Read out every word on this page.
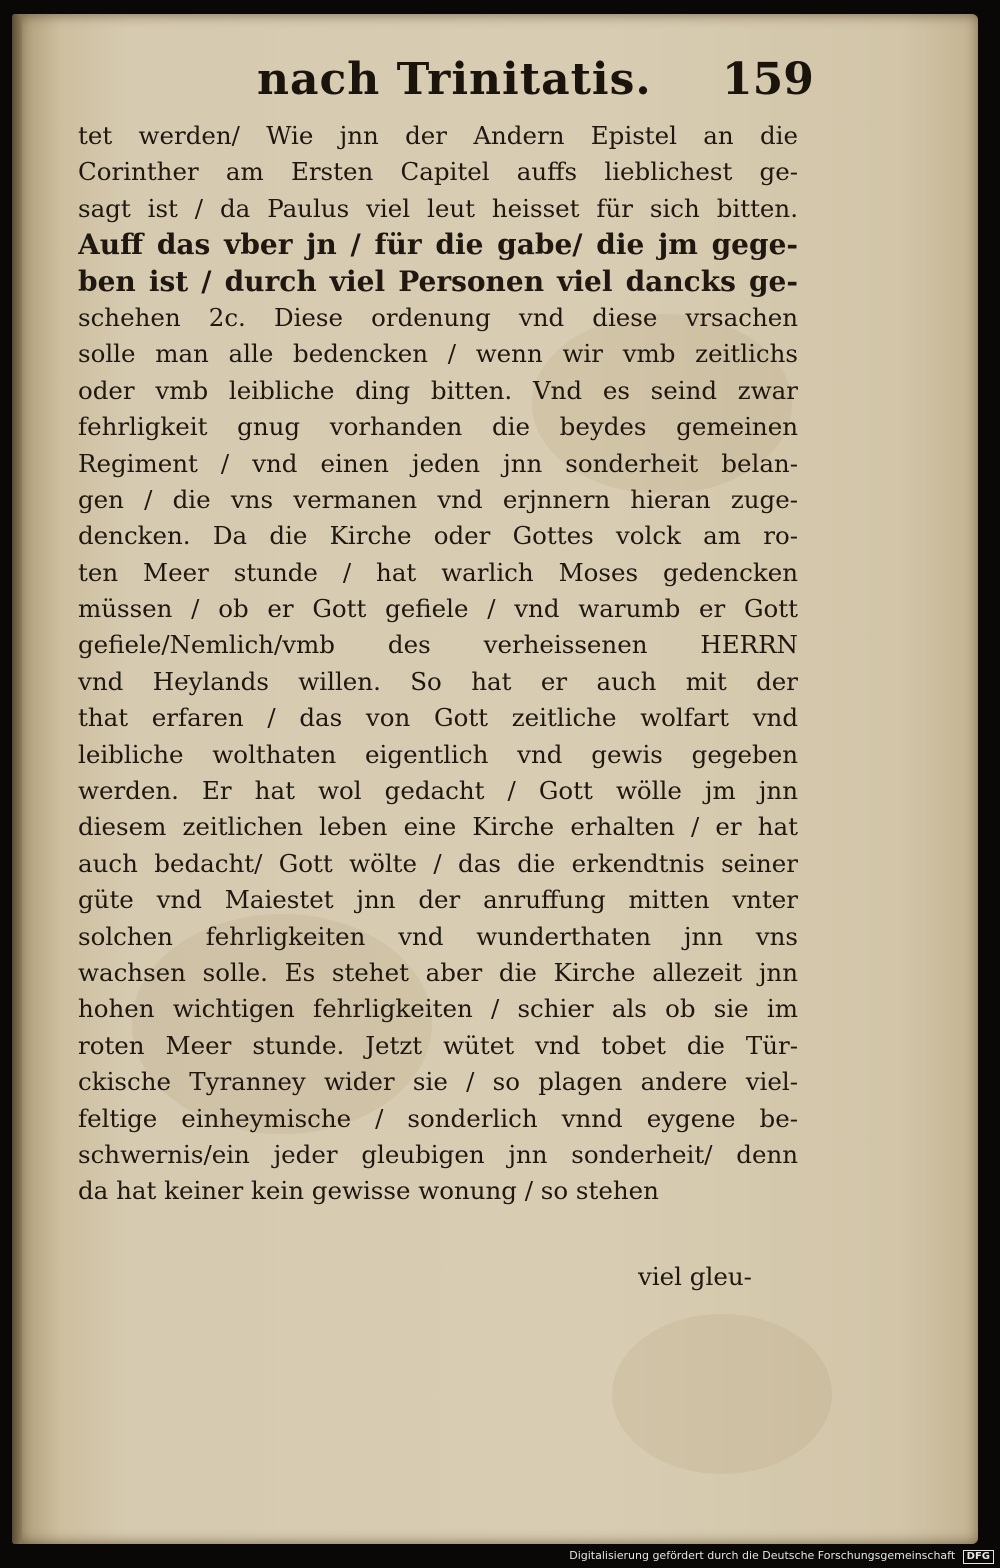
nach Trinitatis. 159
tet werden/ Wie jnn der Andern Epistel an die
Corinther am Ersten Capitel auffs lieblichest ge-
sagt ist / da Paulus viel leut heisset für sich bitten.
Auff das vber jn / für die gabe/ die jm gege-
ben ist / durch viel Personen viel dancks ge-
schehen 2c. Diese ordenung vnd diese vrsachen
solle man alle bedencken / wenn wir vmb zeitlichs
oder vmb leibliche ding bitten. Vnd es seind zwar
fehrligkeit gnug vorhanden die beydes gemeinen
Regiment / vnd einen jeden jnn sonderheit belan-
gen / die vns vermanen vnd erjnnern hieran zuge-
dencken. Da die Kirche oder Gottes volck am ro-
ten Meer stunde / hat warlich Moses gedencken
müssen / ob er Gott gefiele / vnd warumb er Gott
gefiele/Nemlich/vmb des verheissenen HERRN
vnd Heylands willen. So hat er auch mit der
that erfaren / das von Gott zeitliche wolfart vnd
leibliche wolthaten eigentlich vnd gewis gegeben
werden. Er hat wol gedacht / Gott wölle jm jnn
diesem zeitlichen leben eine Kirche erhalten / er hat
auch bedacht/ Gott wölte / das die erkendtnis seiner
güte vnd Maiestet jnn der anruffung mitten vnter
solchen fehrligkeiten vnd wunderthaten jnn vns
wachsen solle. Es stehet aber die Kirche allezeit jnn
hohen wichtigen fehrligkeiten / schier als ob sie im
roten Meer stunde. Jetzt wütet vnd tobet die Tür-
ckische Tyranney wider sie / so plagen andere viel-
feltige einheymische / sonderlich vnnd eygene be-
schwernis/ein jeder gleubigen jnn sonderheit/ denn
da hat keiner kein gewisse wonung / so stehen
viel gleu-
Digitalisierung gefördert durch die Deutsche Forschungsgemeinschaft DFG
